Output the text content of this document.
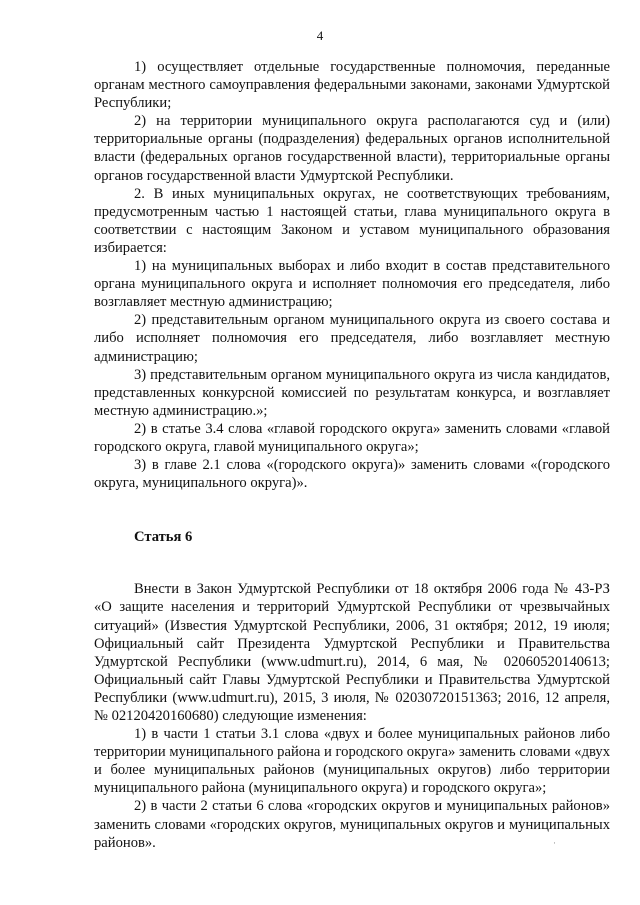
4

1) осуществляет отдельные государственные полномочия, переданные органам местного самоуправления федеральными законами, законами Удмуртской Республики;

2) на территории муниципального округа располагаются суд и (или) территориальные органы (подразделения) федеральных органов исполнительной власти (федеральных органов государственной власти), территориальные органы органов государственной власти Удмуртской Республики.

2. В иных муниципальных округах, не соответствующих требованиям, предусмотренным частью 1 настоящей статьи, глава муниципального округа в соответствии с настоящим Законом и уставом муниципального образования избирается:

1) на муниципальных выборах и либо входит в состав представительного органа муниципального округа и исполняет полномочия его председателя, либо возглавляет местную администрацию;

2) представительным органом муниципального округа из своего состава и либо исполняет полномочия его председателя, либо возглавляет местную администрацию;

3) представительным органом муниципального округа из числа кандидатов, представленных конкурсной комиссией по результатам конкурса, и возглавляет местную администрацию.»;

2) в статье 3.4 слова «главой городского округа» заменить словами «главой городского округа, главой муниципального округа»;

3) в главе 2.1 слова «(городского округа)» заменить словами «(городского округа, муниципального округа)».

Статья 6

Внести в Закон Удмуртской Республики от 18 октября 2006 года № 43-РЗ «О защите населения и территорий Удмуртской Республики от чрезвычайных ситуаций» (Известия Удмуртской Республики, 2006, 31 октября; 2012, 19 июля; Официальный сайт Президента Удмуртской Республики и Правительства Удмуртской Республики (www.udmurt.ru), 2014, 6 мая, № 02060520140613; Официальный сайт Главы Удмуртской Республики и Правительства Удмуртской Республики (www.udmurt.ru), 2015, 3 июля, № 02030720151363; 2016, 12 апреля, № 02120420160680) следующие изменения:

1) в части 1 статьи 3.1 слова «двух и более муниципальных районов либо территории муниципального района и городского округа» заменить словами «двух и более муниципальных районов (муниципальных округов) либо территории муниципального района (муниципального округа) и городского округа»;

2) в части 2 статьи 6 слова «городских округов и муниципальных районов» заменить словами «городских округов, муниципальных округов и муниципальных районов».	·
